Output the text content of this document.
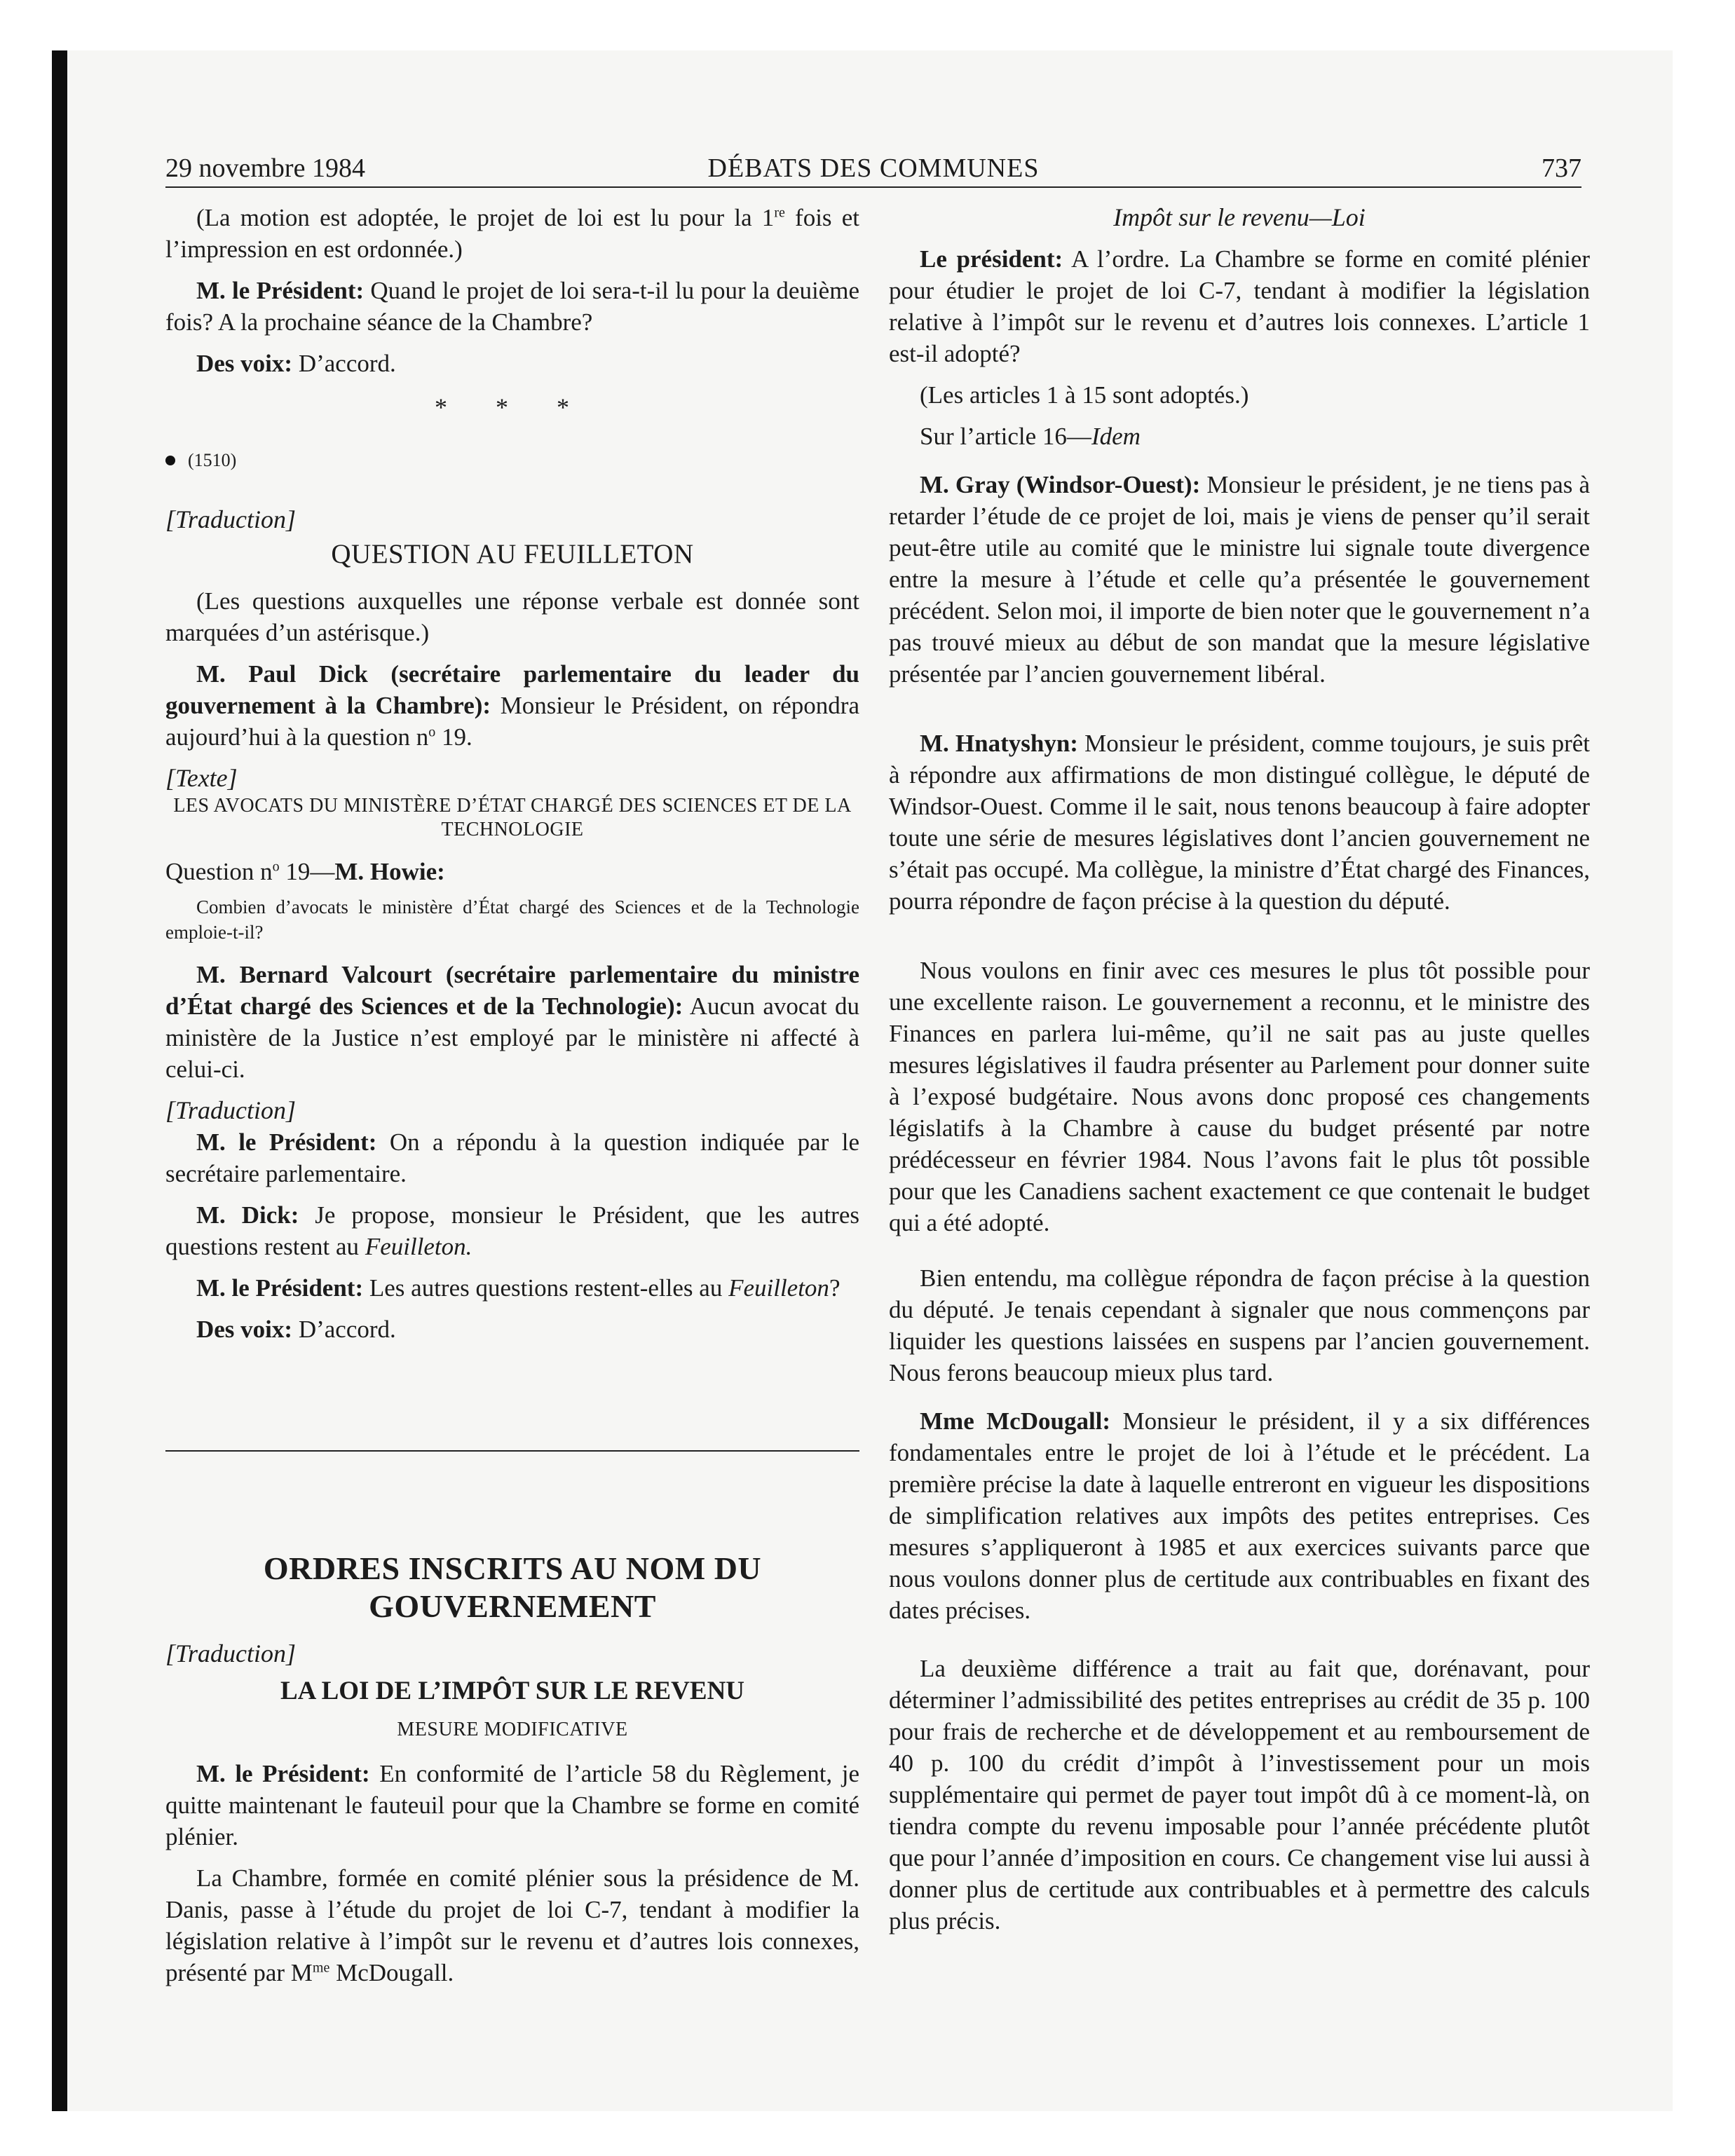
29 novembre 1984	DÉBATS DES COMMUNES	737

(La motion est adoptée, le projet de loi est lu pour la 1re fois et l’impression en est ordonnée.)

M. le Président: Quand le projet de loi sera-t-il lu pour la deuième fois? A la prochaine séance de la Chambre?

Des voix: D’accord.

* * *
(1510)
[Traduction]
QUESTION AU FEUILLETON

(Les questions auxquelles une réponse verbale est donnée sont marquées d’un astérisque.)

M. Paul Dick (secrétaire parlementaire du leader du gouvernement à la Chambre): Monsieur le Président, on répondra aujourd’hui à la question $n^o$ 19.

[Texte]
LES AVOCATS DU MINISTÈRE D’ÉTAT CHARGÉ DES SCIENCES ET DE LA TECHNOLOGIE

Question $n^o$ 19—M. Howie:

Combien d’avocats le ministère d’État chargé des Sciences et de la Technologie emploie-t-il?

M. Bernard Valcourt (secrétaire parlementaire du ministre d’État chargé des Sciences et de la Technologie): Aucun avocat du ministère de la Justice n’est employé par le ministère ni affecté à celui-ci.

[Traduction]

M. le Président: On a répondu à la question indiquée par le secrétaire parlementaire.

M. Dick: Je propose, monsieur le Président, que les autres questions restent au Feuilleton.

M. le Président: Les autres questions restent-elles au Feuilleton?

Des voix: D’accord.

ORDRES INSCRITS AU NOM DU GOUVERNEMENT
[Traduction]
LA LOI DE L’IMPÔT SUR LE REVENU
MESURE MODIFICATIVE

M. le Président: En conformité de l’article 58 du Règlement, je quitte maintenant le fauteuil pour que la Chambre se forme en comité plénier.

La Chambre, formée en comité plénier sous la présidence de M. Danis, passe à l’étude du projet de loi C-7, tendant à modifier la législation relative à l’impôt sur le revenu et d’autres lois connexes, présenté par $M^{me}$ McDougall.

Impôt sur le revenu—Loi

Le président: A l’ordre. La Chambre se forme en comité plénier pour étudier le projet de loi C-7, tendant à modifier la législation relative à l’impôt sur le revenu et d’autres lois connexes. L’article 1 est-il adopté?

(Les articles 1 à 15 sont adoptés.)

Sur l’article 16—Idem

M. Gray (Windsor-Ouest): Monsieur le président, je ne tiens pas à retarder l’étude de ce projet de loi, mais je viens de penser qu’il serait peut-être utile au comité que le ministre lui signale toute divergence entre la mesure à l’étude et celle qu’a présentée le gouvernement précédent. Selon moi, il importe de bien noter que le gouvernement n’a pas trouvé mieux au début de son mandat que la mesure législative présentée par l’ancien gouvernement libéral.

M. Hnatyshyn: Monsieur le président, comme toujours, je suis prêt à répondre aux affirmations de mon distingué collègue, le député de Windsor-Ouest. Comme il le sait, nous tenons beaucoup à faire adopter toute une série de mesures législatives dont l’ancien gouvernement ne s’était pas occupé. Ma collègue, la ministre d’État chargé des Finances, pourra répondre de façon précise à la question du député.

Nous voulons en finir avec ces mesures le plus tôt possible pour une excellente raison. Le gouvernement a reconnu, et le ministre des Finances en parlera lui-même, qu’il ne sait pas au juste quelles mesures législatives il faudra présenter au Parlement pour donner suite à l’exposé budgétaire. Nous avons donc proposé ces changements législatifs à la Chambre à cause du budget présenté par notre prédécesseur en février 1984. Nous l’avons fait le plus tôt possible pour que les Canadiens sachent exactement ce que contenait le budget qui a été adopté.

Bien entendu, ma collègue répondra de façon précise à la question du député. Je tenais cependant à signaler que nous commençons par liquider les questions laissées en suspens par l’ancien gouvernement. Nous ferons beaucoup mieux plus tard.

Mme McDougall: Monsieur le président, il y a six différences fondamentales entre le projet de loi à l’étude et le précédent. La première précise la date à laquelle entreront en vigueur les dispositions de simplification relatives aux impôts des petites entreprises. Ces mesures s’appliqueront à 1985 et aux exercices suivants parce que nous voulons donner plus de certitude aux contribuables en fixant des dates précises.

La deuxième différence a trait au fait que, dorénavant, pour déterminer l’admissibilité des petites entreprises au crédit de 35 p. 100 pour frais de recherche et de développement et au remboursement de 40 p. 100 du crédit d’impôt à l’investissement pour un mois supplémentaire qui permet de payer tout impôt dû à ce moment-là, on tiendra compte du revenu imposable pour l’année précédente plutôt que pour l’année d’imposition en cours. Ce changement vise lui aussi à donner plus de certitude aux contribuables et à permettre des calculs plus précis.
